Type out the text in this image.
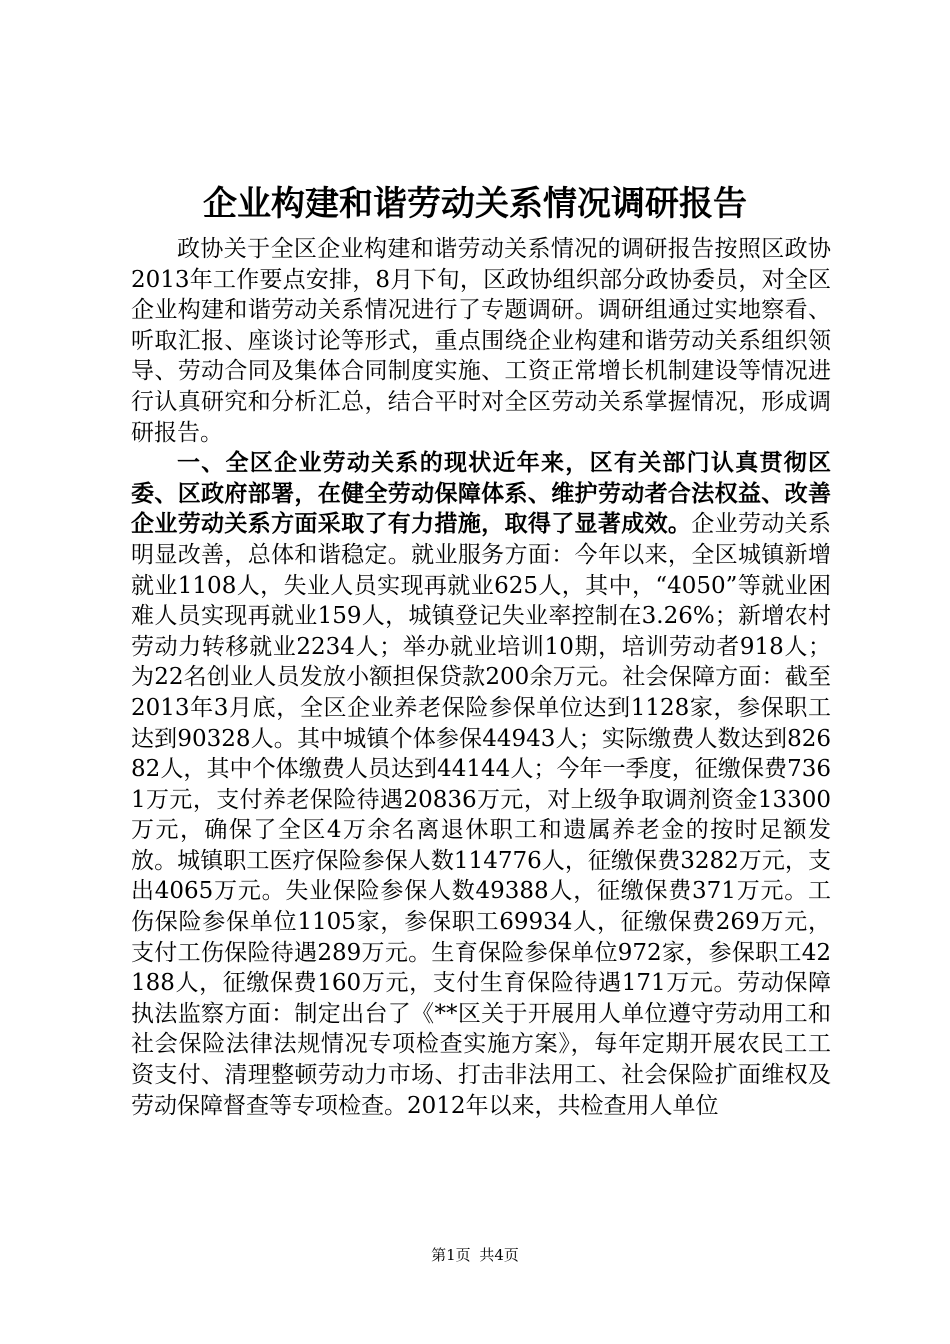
企业构建和谐劳动关系情况调研报告

政协关于全区企业构建和谐劳动关系情况的调研报告按照区政协2013年工作要点安排，8月下旬，区政协组织部分政协委员，对全区企业构建和谐劳动关系情况进行了专题调研。调研组通过实地察看、听取汇报、座谈讨论等形式，重点围绕企业构建和谐劳动关系组织领导、劳动合同及集体合同制度实施、工资正常增长机制建设等情况进行认真研究和分析汇总，结合平时对全区劳动关系掌握情况，形成调研报告。

一、全区企业劳动关系的现状近年来，区有关部门认真贯彻区委、区政府部署，在健全劳动保障体系、维护劳动者合法权益、改善企业劳动关系方面采取了有力措施，取得了显著成效。企业劳动关系明显改善，总体和谐稳定。就业服务方面：今年以来，全区城镇新增就业1108人，失业人员实现再就业625人，其中，“4050”等就业困难人员实现再就业159人，城镇登记失业率控制在3.26%；新增农村劳动力转移就业2234人；举办就业培训10期，培训劳动者918人；为22名创业人员发放小额担保贷款200余万元。社会保障方面：截至2013年3月底，全区企业养老保险参保单位达到1128家，参保职工达到90328人。其中城镇个体参保44943人；实际缴费人数达到82682人，其中个体缴费人员达到44144人；今年一季度，征缴保费7361万元，支付养老保险待遇20836万元，对上级争取调剂资金13300万元，确保了全区4万余名离退休职工和遗属养老金的按时足额发放。城镇职工医疗保险参保人数114776人，征缴保费3282万元，支出4065万元。失业保险参保人数49388人，征缴保费371万元。工伤保险参保单位1105家，参保职工69934人，征缴保费269万元，支付工伤保险待遇289万元。生育保险参保单位972家，参保职工42188人，征缴保费160万元，支付生育保险待遇171万元。劳动保障执法监察方面：制定出台了《**区关于开展用人单位遵守劳动用工和社会保险法律法规情况专项检查实施方案》，每年定期开展农民工工资支付、清理整顿劳动力市场、打击非法用工、社会保险扩面维权及劳动保障督查等专项检查。2012年以来，共检查用人单位

第1页 共4页
